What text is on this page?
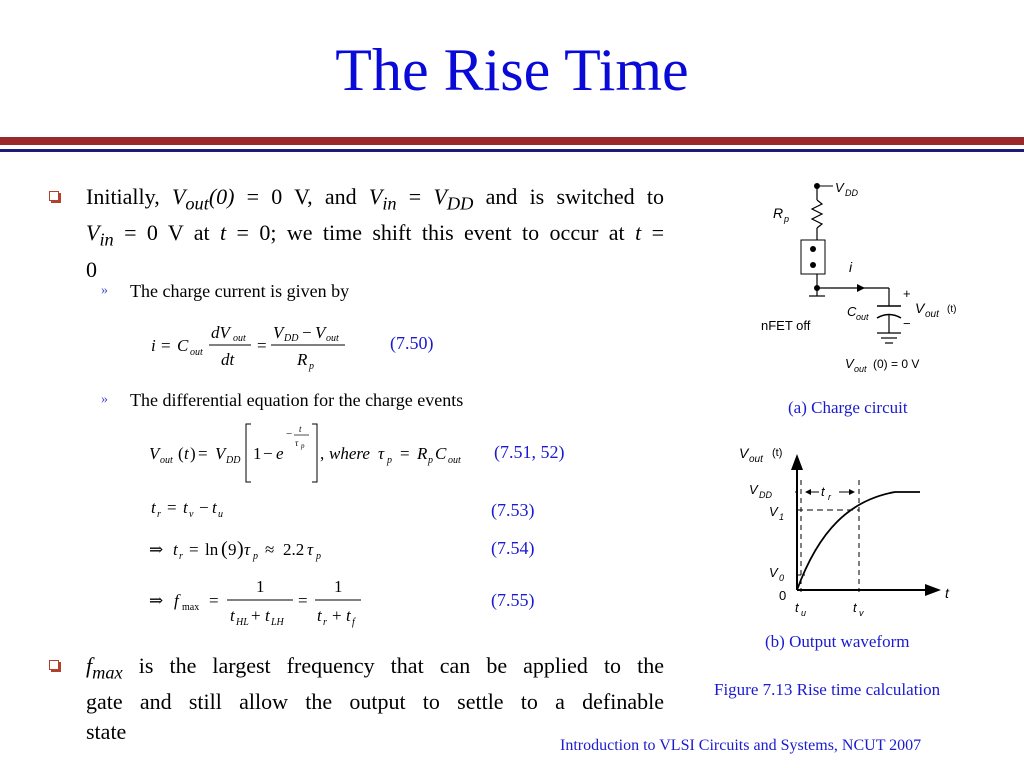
The Rise Time
Initially, $V_{out}(0) = 0$ V, and $V_{in} = V_{DD}$ and is switched to
$V_{in} = 0$ V at t = 0; we time shift this event to occur at t =
0
» The charge current is given by
i = C out
dV out
dt
=
V DD − V out
R p
(7.50)
» The differential equation for the charge events
V out ( t ) = V DD 1 − e
− t
τ p , where τ p = R p C out (7.51, 52)
t r = t v − t u	(7.53)
⇒ t r = ln ( 9 ) τ p ≈ 2.2 τ p	(7.54)
⇒ f max =
1
t HL + t LH
=
1
t r + t f
(7.55)
$f_{max}$ is the largest frequency that can be applied to the
gate and still allow the output to settle to a definable
state
V DD
R p
i
nFET off
C out
+
−
V out (t)
V out (0) = 0 V
(a) Charge circuit
V out
(t)
t
t r
V DD
V 1
V 0
0
t u	t v
(b) Output waveform
Figure 7.13 Rise time calculation
Introduction to VLSI Circuits and Systems, NCUT 2007
